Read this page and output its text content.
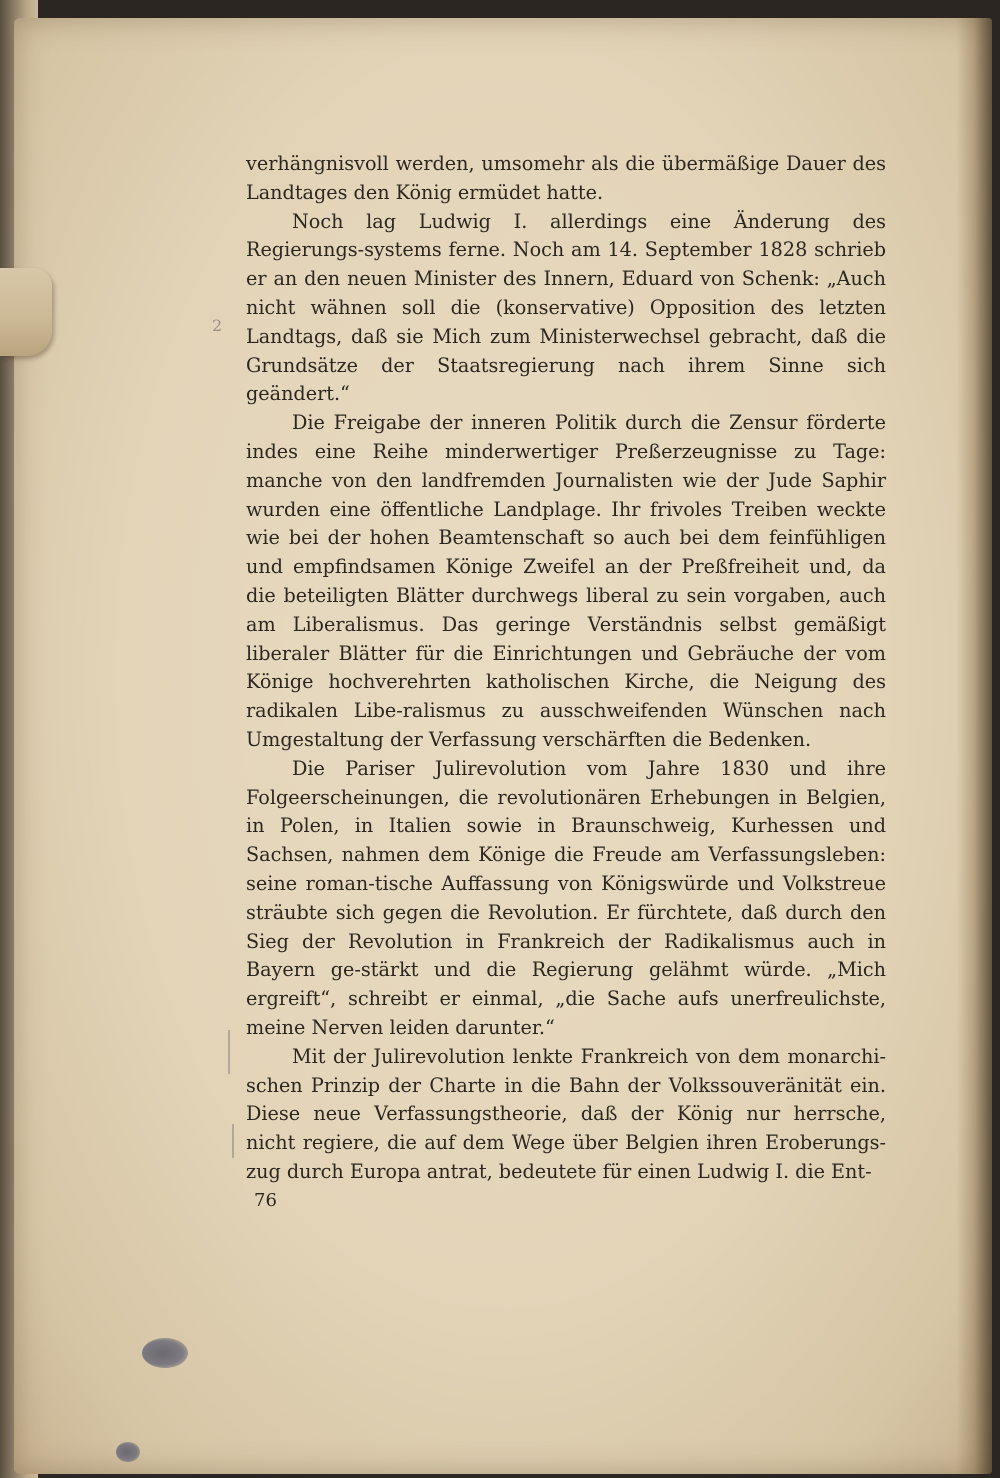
2

verhängnisvoll werden, umsomehr als die übermäßige Dauer des Landtages den König ermüdet hatte.

Noch lag Ludwig I. allerdings eine Änderung des Regierungs-systems ferne. Noch am 14. September 1828 schrieb er an den neuen Minister des Innern, Eduard von Schenk: „Auch nicht wähnen soll die (konservative) Opposition des letzten Landtags, daß sie Mich zum Ministerwechsel gebracht, daß die Grundsätze der Staatsregierung nach ihrem Sinne sich geändert.“

Die Freigabe der inneren Politik durch die Zensur förderte indes eine Reihe minderwertiger Preßerzeugnisse zu Tage: manche von den landfremden Journalisten wie der Jude Saphir wurden eine öffentliche Landplage. Ihr frivoles Treiben weckte wie bei der hohen Beamtenschaft so auch bei dem feinfühligen und empfindsamen Könige Zweifel an der Preßfreiheit und, da die beteiligten Blätter durchwegs liberal zu sein vorgaben, auch am Liberalismus. Das geringe Verständnis selbst gemäßigt liberaler Blätter für die Einrichtungen und Gebräuche der vom Könige hochverehrten katholischen Kirche, die Neigung des radikalen Libe-ralismus zu ausschweifenden Wünschen nach Umgestaltung der Verfassung verschärften die Bedenken.

Die Pariser Julirevolution vom Jahre 1830 und ihre Folgeerscheinungen, die revolutionären Erhebungen in Belgien, in Polen, in Italien sowie in Braunschweig, Kurhessen und Sachsen, nahmen dem Könige die Freude am Verfassungsleben: seine roman-tische Auffassung von Königswürde und Volkstreue sträubte sich gegen die Revolution. Er fürchtete, daß durch den Sieg der Revolution in Frankreich der Radikalismus auch in Bayern ge-stärkt und die Regierung gelähmt würde. „Mich ergreift“, schreibt er einmal, „die Sache aufs unerfreulichste, meine Nerven leiden darunter.“

Mit der Julirevolution lenkte Frankreich von dem monarchi-schen Prinzip der Charte in die Bahn der Volkssouveränität ein. Diese neue Verfassungstheorie, daß der König nur herrsche, nicht regiere, die auf dem Wege über Belgien ihren Eroberungs-zug durch Europa antrat, bedeutete für einen Ludwig I. die Ent-

76
